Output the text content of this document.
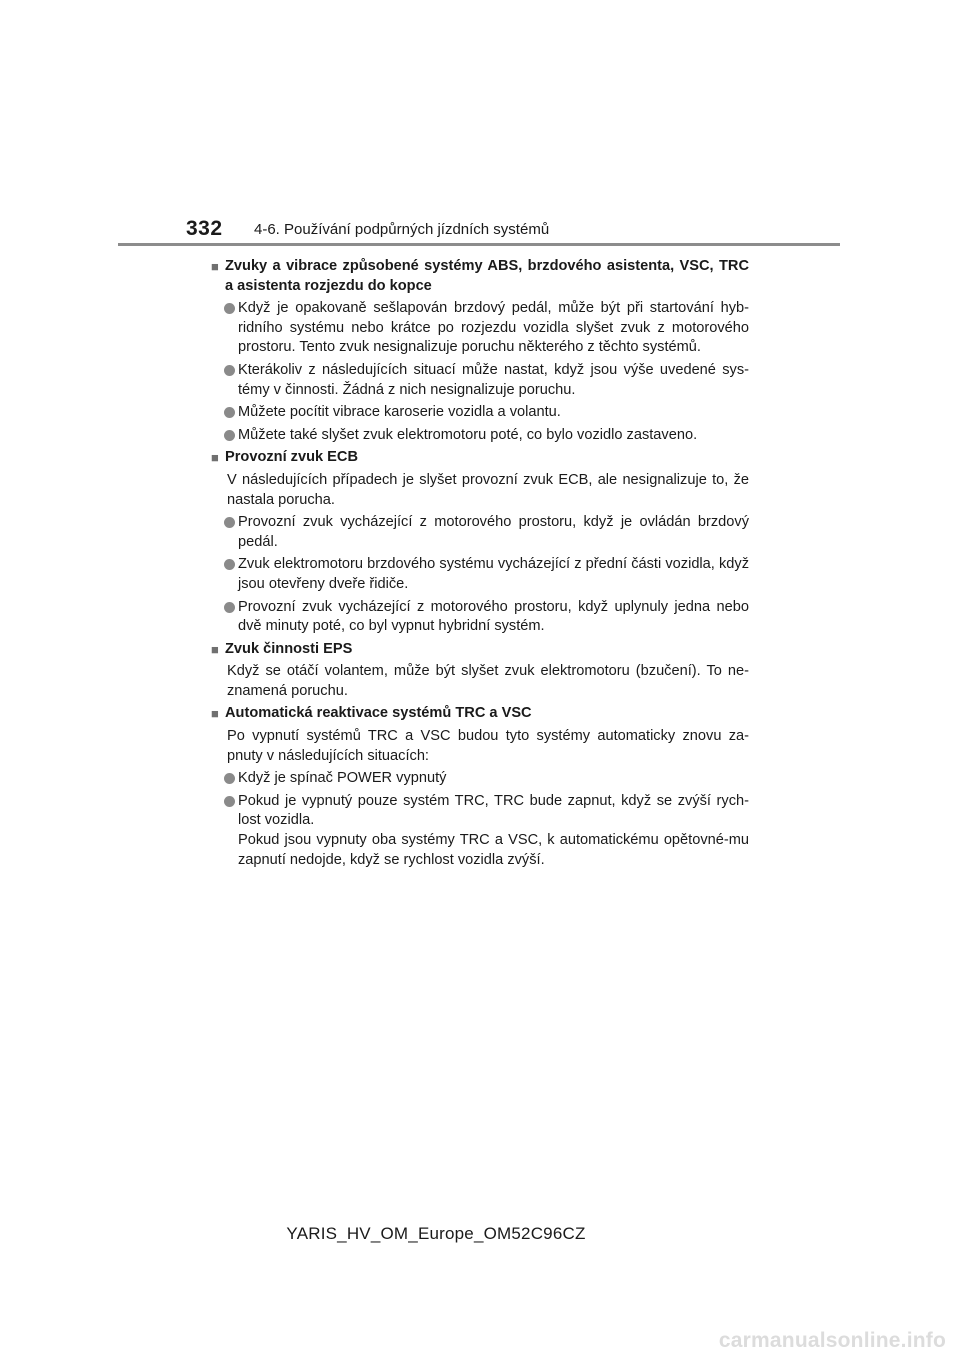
332 4-6. Používání podpůrných jízdních systémů
■ Zvuky a vibrace způsobené systémy ABS, brzdového asistenta, VSC, TRC a asistenta rozjezdu do kopce
Když je opakovaně sešlapován brzdový pedál, může být při startování hyb-ridního systému nebo krátce po rozjezdu vozidla slyšet zvuk z motorového prostoru. Tento zvuk nesignalizuje poruchu některého z těchto systémů.
Kterákoliv z následujících situací může nastat, když jsou výše uvedené sys-témy v činnosti. Žádná z nich nesignalizuje poruchu.
Můžete pocítit vibrace karoserie vozidla a volantu.
Můžete také slyšet zvuk elektromotoru poté, co bylo vozidlo zastaveno.
■ Provozní zvuk ECB
V následujících případech je slyšet provozní zvuk ECB, ale nesignalizuje to, že nastala porucha.
Provozní zvuk vycházející z motorového prostoru, když je ovládán brzdový pedál.
Zvuk elektromotoru brzdového systému vycházející z přední části vozidla, když jsou otevřeny dveře řidiče.
Provozní zvuk vycházející z motorového prostoru, když uplynuly jedna nebo dvě minuty poté, co byl vypnut hybridní systém.
■ Zvuk činnosti EPS
Když se otáčí volantem, může být slyšet zvuk elektromotoru (bzučení). To ne-znamená poruchu.
■ Automatická reaktivace systémů TRC a VSC
Po vypnutí systémů TRC a VSC budou tyto systémy automaticky znovu za-pnuty v následujících situacích:
Když je spínač POWER vypnutý
Pokud je vypnutý pouze systém TRC, TRC bude zapnut, když se zvýší rych-lost vozidla.
Pokud jsou vypnuty oba systémy TRC a VSC, k automatickému opětovné-mu zapnutí nedojde, když se rychlost vozidla zvýší.
YARIS_HV_OM_Europe_OM52C96CZ
carmanualsonline.info
